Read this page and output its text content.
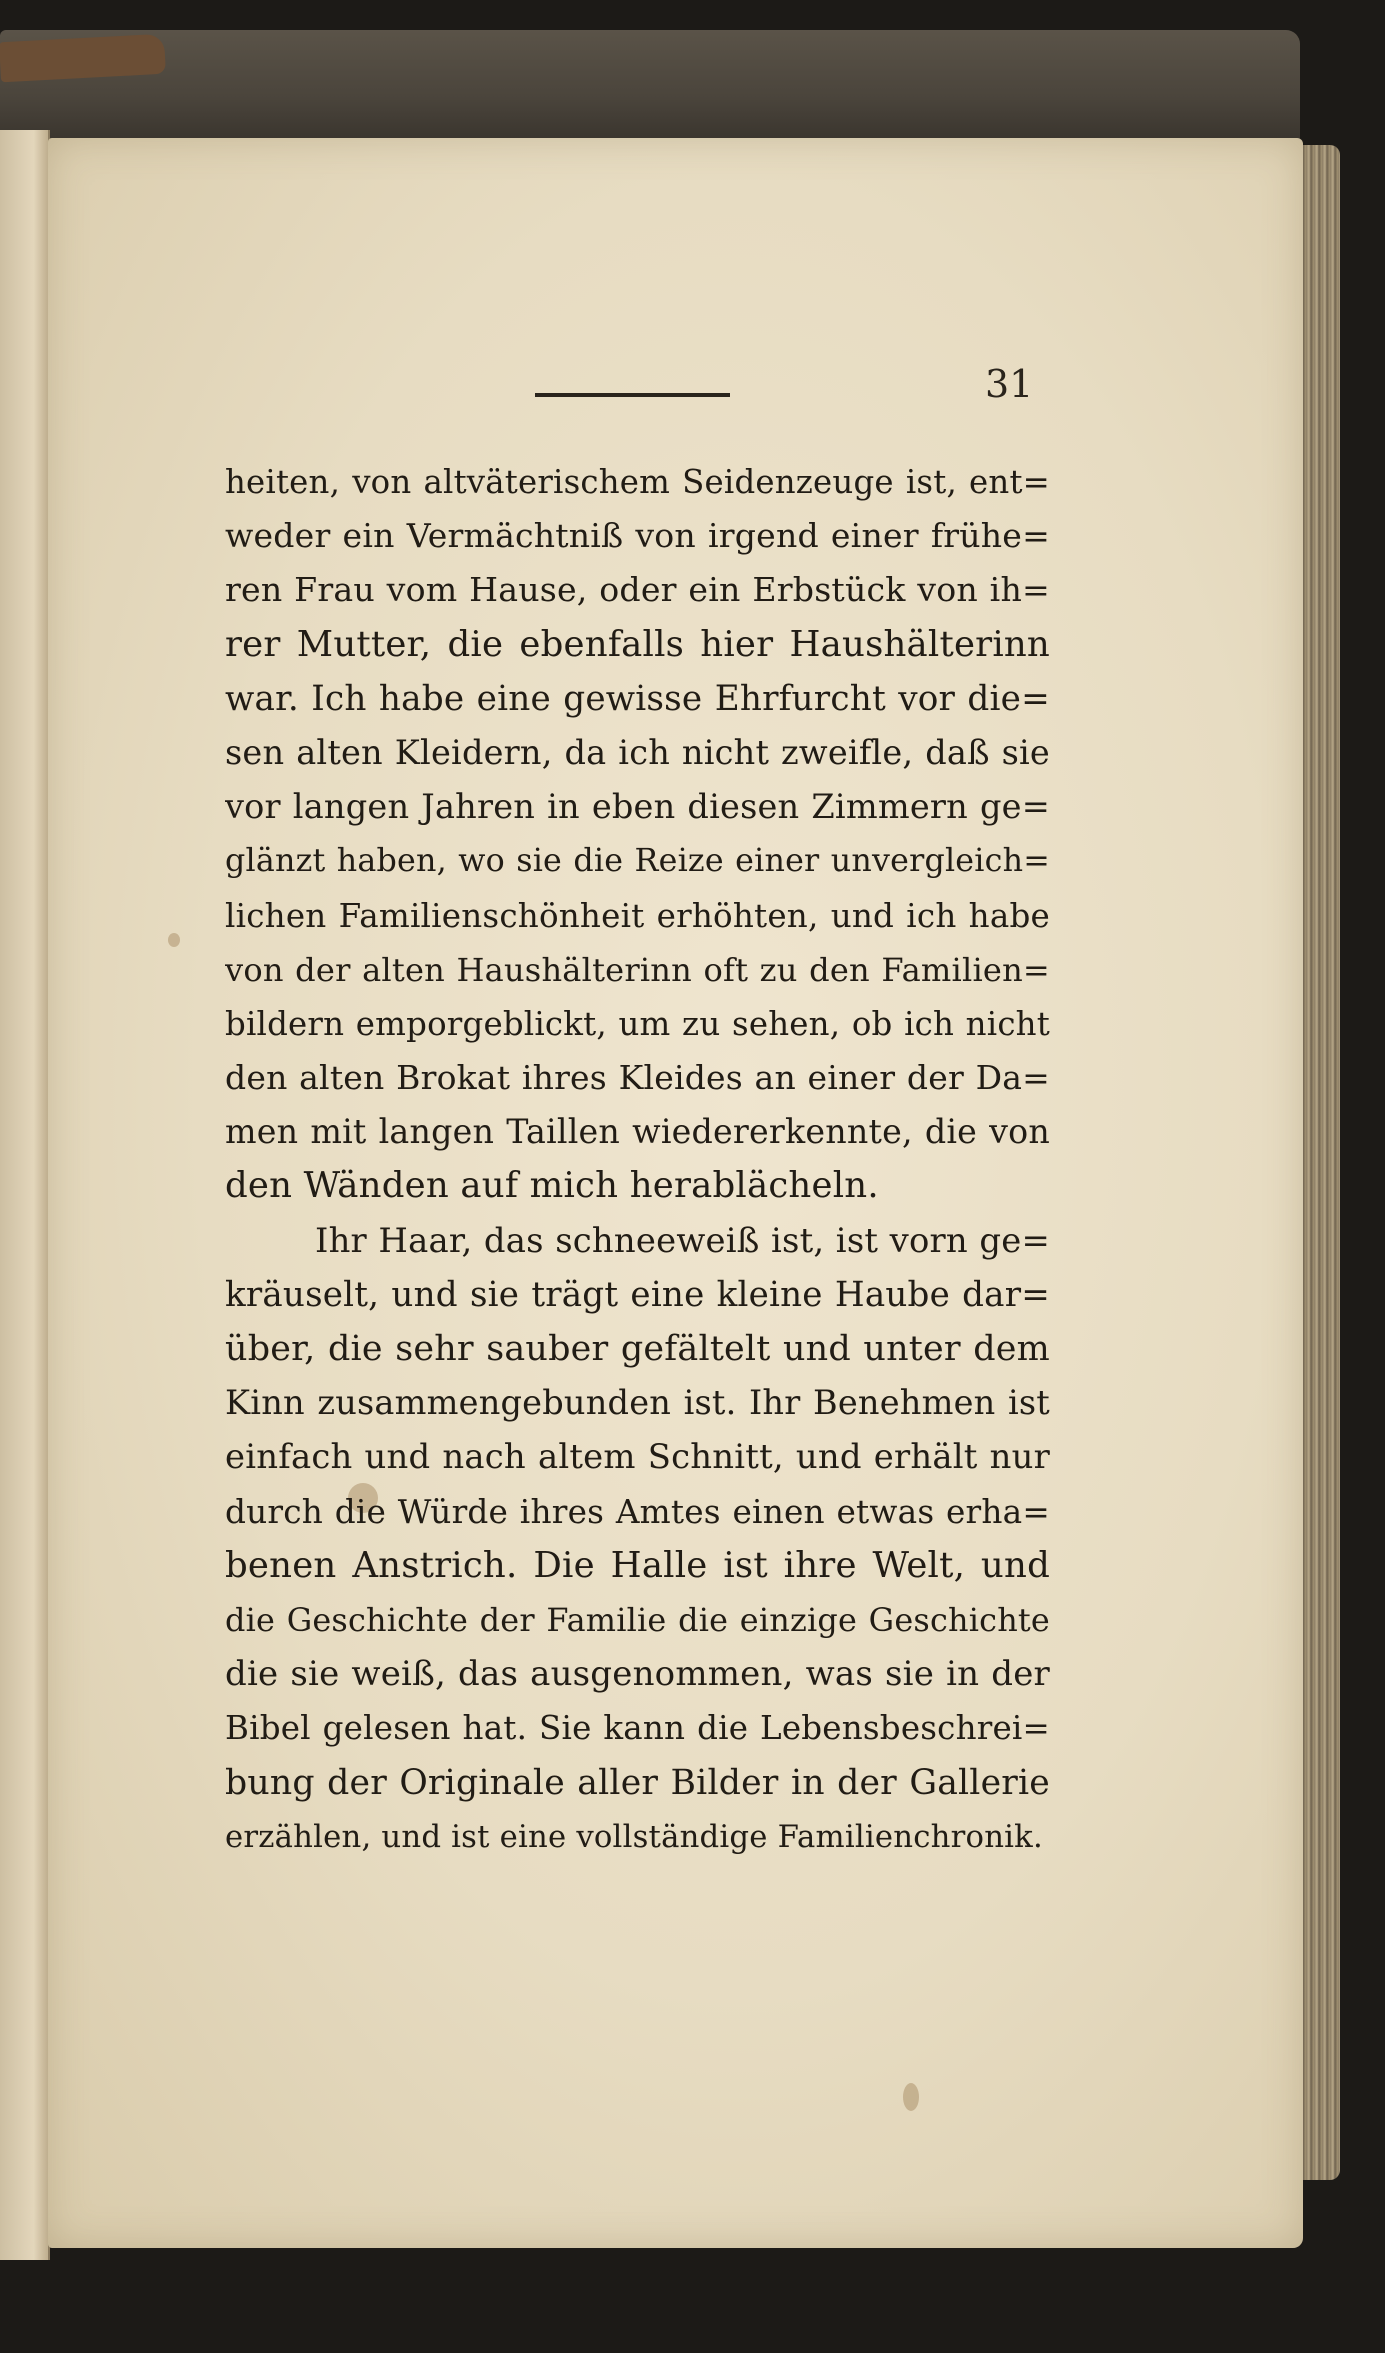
31
heiten, von altväterischem Seidenzeuge ist, ent=
weder ein Vermächtniß von irgend einer frühe=
ren Frau vom Hause, oder ein Erbstück von ih=
rer Mutter, die ebenfalls hier Haushälterinn
war. Ich habe eine gewisse Ehrfurcht vor die=
sen alten Kleidern, da ich nicht zweifle, daß sie
vor langen Jahren in eben diesen Zimmern ge=
glänzt haben, wo sie die Reize einer unvergleich=
lichen Familienschönheit erhöhten, und ich habe
von der alten Haushälterinn oft zu den Familien=
bildern emporgeblickt, um zu sehen, ob ich nicht
den alten Brokat ihres Kleides an einer der Da=
men mit langen Taillen wiedererkennte, die von
den Wänden auf mich herablächeln.
Ihr Haar, das schneeweiß ist, ist vorn ge=
kräuselt, und sie trägt eine kleine Haube dar=
über, die sehr sauber gefältelt und unter dem
Kinn zusammengebunden ist. Ihr Benehmen ist
einfach und nach altem Schnitt, und erhält nur
durch die Würde ihres Amtes einen etwas erha=
benen Anstrich. Die Halle ist ihre Welt, und
die Geschichte der Familie die einzige Geschichte
die sie weiß, das ausgenommen, was sie in der
Bibel gelesen hat. Sie kann die Lebensbeschrei=
bung der Originale aller Bilder in der Gallerie
erzählen, und ist eine vollständige Familienchronik.
